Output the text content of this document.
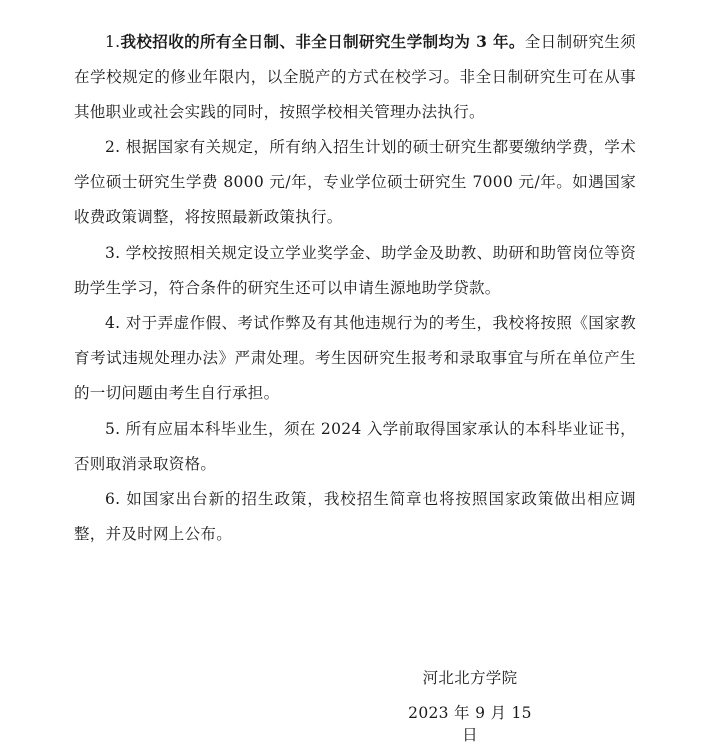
1.我校招收的所有全日制、非全日制研究生学制均为 3 年。全日制研究生须在学校规定的修业年限内，以全脱产的方式在校学习。非全日制研究生可在从事其他职业或社会实践的同时，按照学校相关管理办法执行。

2. 根据国家有关规定，所有纳入招生计划的硕士研究生都要缴纳学费，学术学位硕士研究生学费 8000 元/年，专业学位硕士研究生 7000 元/年。如遇国家收费政策调整，将按照最新政策执行。

3. 学校按照相关规定设立学业奖学金、助学金及助教、助研和助管岗位等资助学生学习，符合条件的研究生还可以申请生源地助学贷款。

4. 对于弄虚作假、考试作弊及有其他违规行为的考生，我校将按照《国家教育考试违规处理办法》严肃处理。考生因研究生报考和录取事宜与所在单位产生的一切问题由考生自行承担。

5. 所有应届本科毕业生，须在 2024 入学前取得国家承认的本科毕业证书，否则取消录取资格。

6. 如国家出台新的招生政策，我校招生简章也将按照国家政策做出相应调整，并及时网上公布。

河北北方学院
2023 年 9 月 15 日
